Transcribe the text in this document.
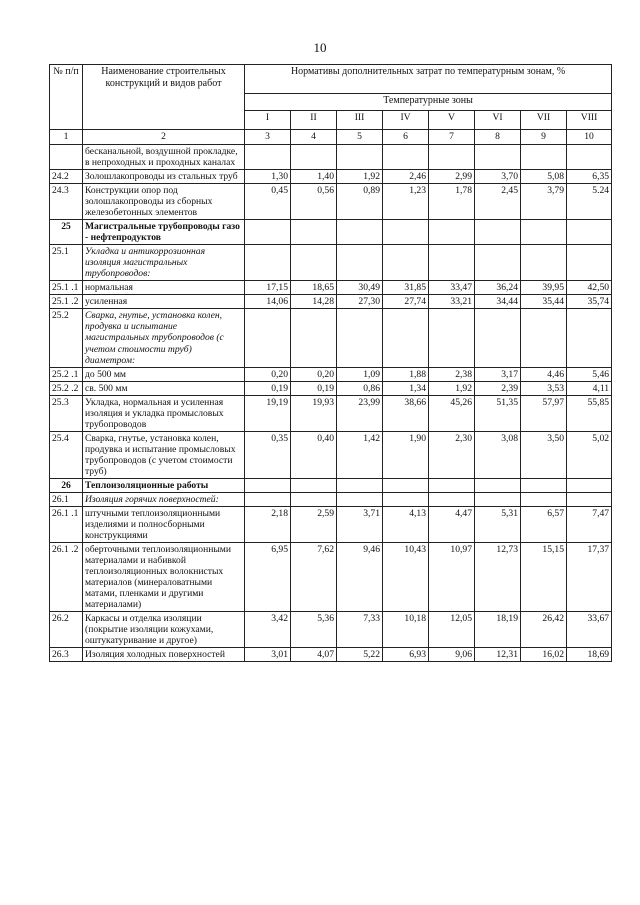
10
№ п/п	Наименование строительных конструкций и видов работ	Нормативы дополнительных затрат по температурным зонам, %							
		Температурные зоны							
		I	II	III	IV	V	VI	VII	VIII
1	2	3	4	5	6	7	8	9	10
	бесканальной, воздушной прокладке, в непроходных и проходных каналах								
24.2	Золошлакопроводы из стальных труб	1,30	1,40	1,92	2,46	2,99	3,70	5,08	6,35
24.3	Конструкции опор под золошлакопроводы из сборных железобетонных элементов	0,45	0,56	0,89	1,23	1,78	2,45	3,79	5.24
25	Магистральные трубопроводы газо - нефтепродуктов								
25.1	Укладка и антикоррозионная изоляция магистральных трубопроводов:								
25.1 .1	нормальная	17,15	18,65	30,49	31,85	33,47	36,24	39,95	42,50
25.1 .2	усиленная	14,06	14,28	27,30	27,74	33,21	34,44	35,44	35,74
25.2	Сварка, гнутье, установка колен, продувка и испытание магистральных трубопроводов (с учетом стоимости труб) диаметром:								
25.2 .1	до 500 мм	0,20	0,20	1,09	1,88	2,38	3,17	4,46	5,46
25.2 .2	св. 500 мм	0,19	0,19	0,86	1,34	1,92	2,39	3,53	4,11
25.3	Укладка, нормальная и усиленная изоляция и укладка промысловых трубопроводов	19,19	19,93	23,99	38,66	45,26	51,35	57,97	55,85
25.4	Сварка, гнутье, установка колен, продувка и испытание промысловых трубопроводов (с учетом стоимости труб)	0,35	0,40	1,42	1,90	2,30	3,08	3,50	5,02
26	Теплоизоляционные работы								
26.1	Изоляция горячих поверхностей:								
26.1 .1	штучными теплоизоляционными изделиями и полносборными конструкциями	2,18	2,59	3,71	4,13	4,47	5,31	6,57	7,47
26.1 .2	оберточными теплоизоляционными материалами и набивкой теплоизоляционных волокнистых материалов (минераловатными матами, пленками и другими материалами)	6,95	7,62	9,46	10,43	10,97	12,73	15,15	17,37
26.2	Каркасы и отделка изоляции (покрытие изоляции кожухами, оштукатуривание и другое)	3,42	5,36	7,33	10,18	12,05	18,19	26,42	33,67
26.3	Изоляция холодных поверхностей	3,01	4,07	5,22	6,93	9,06	12,31	16,02	18,69
